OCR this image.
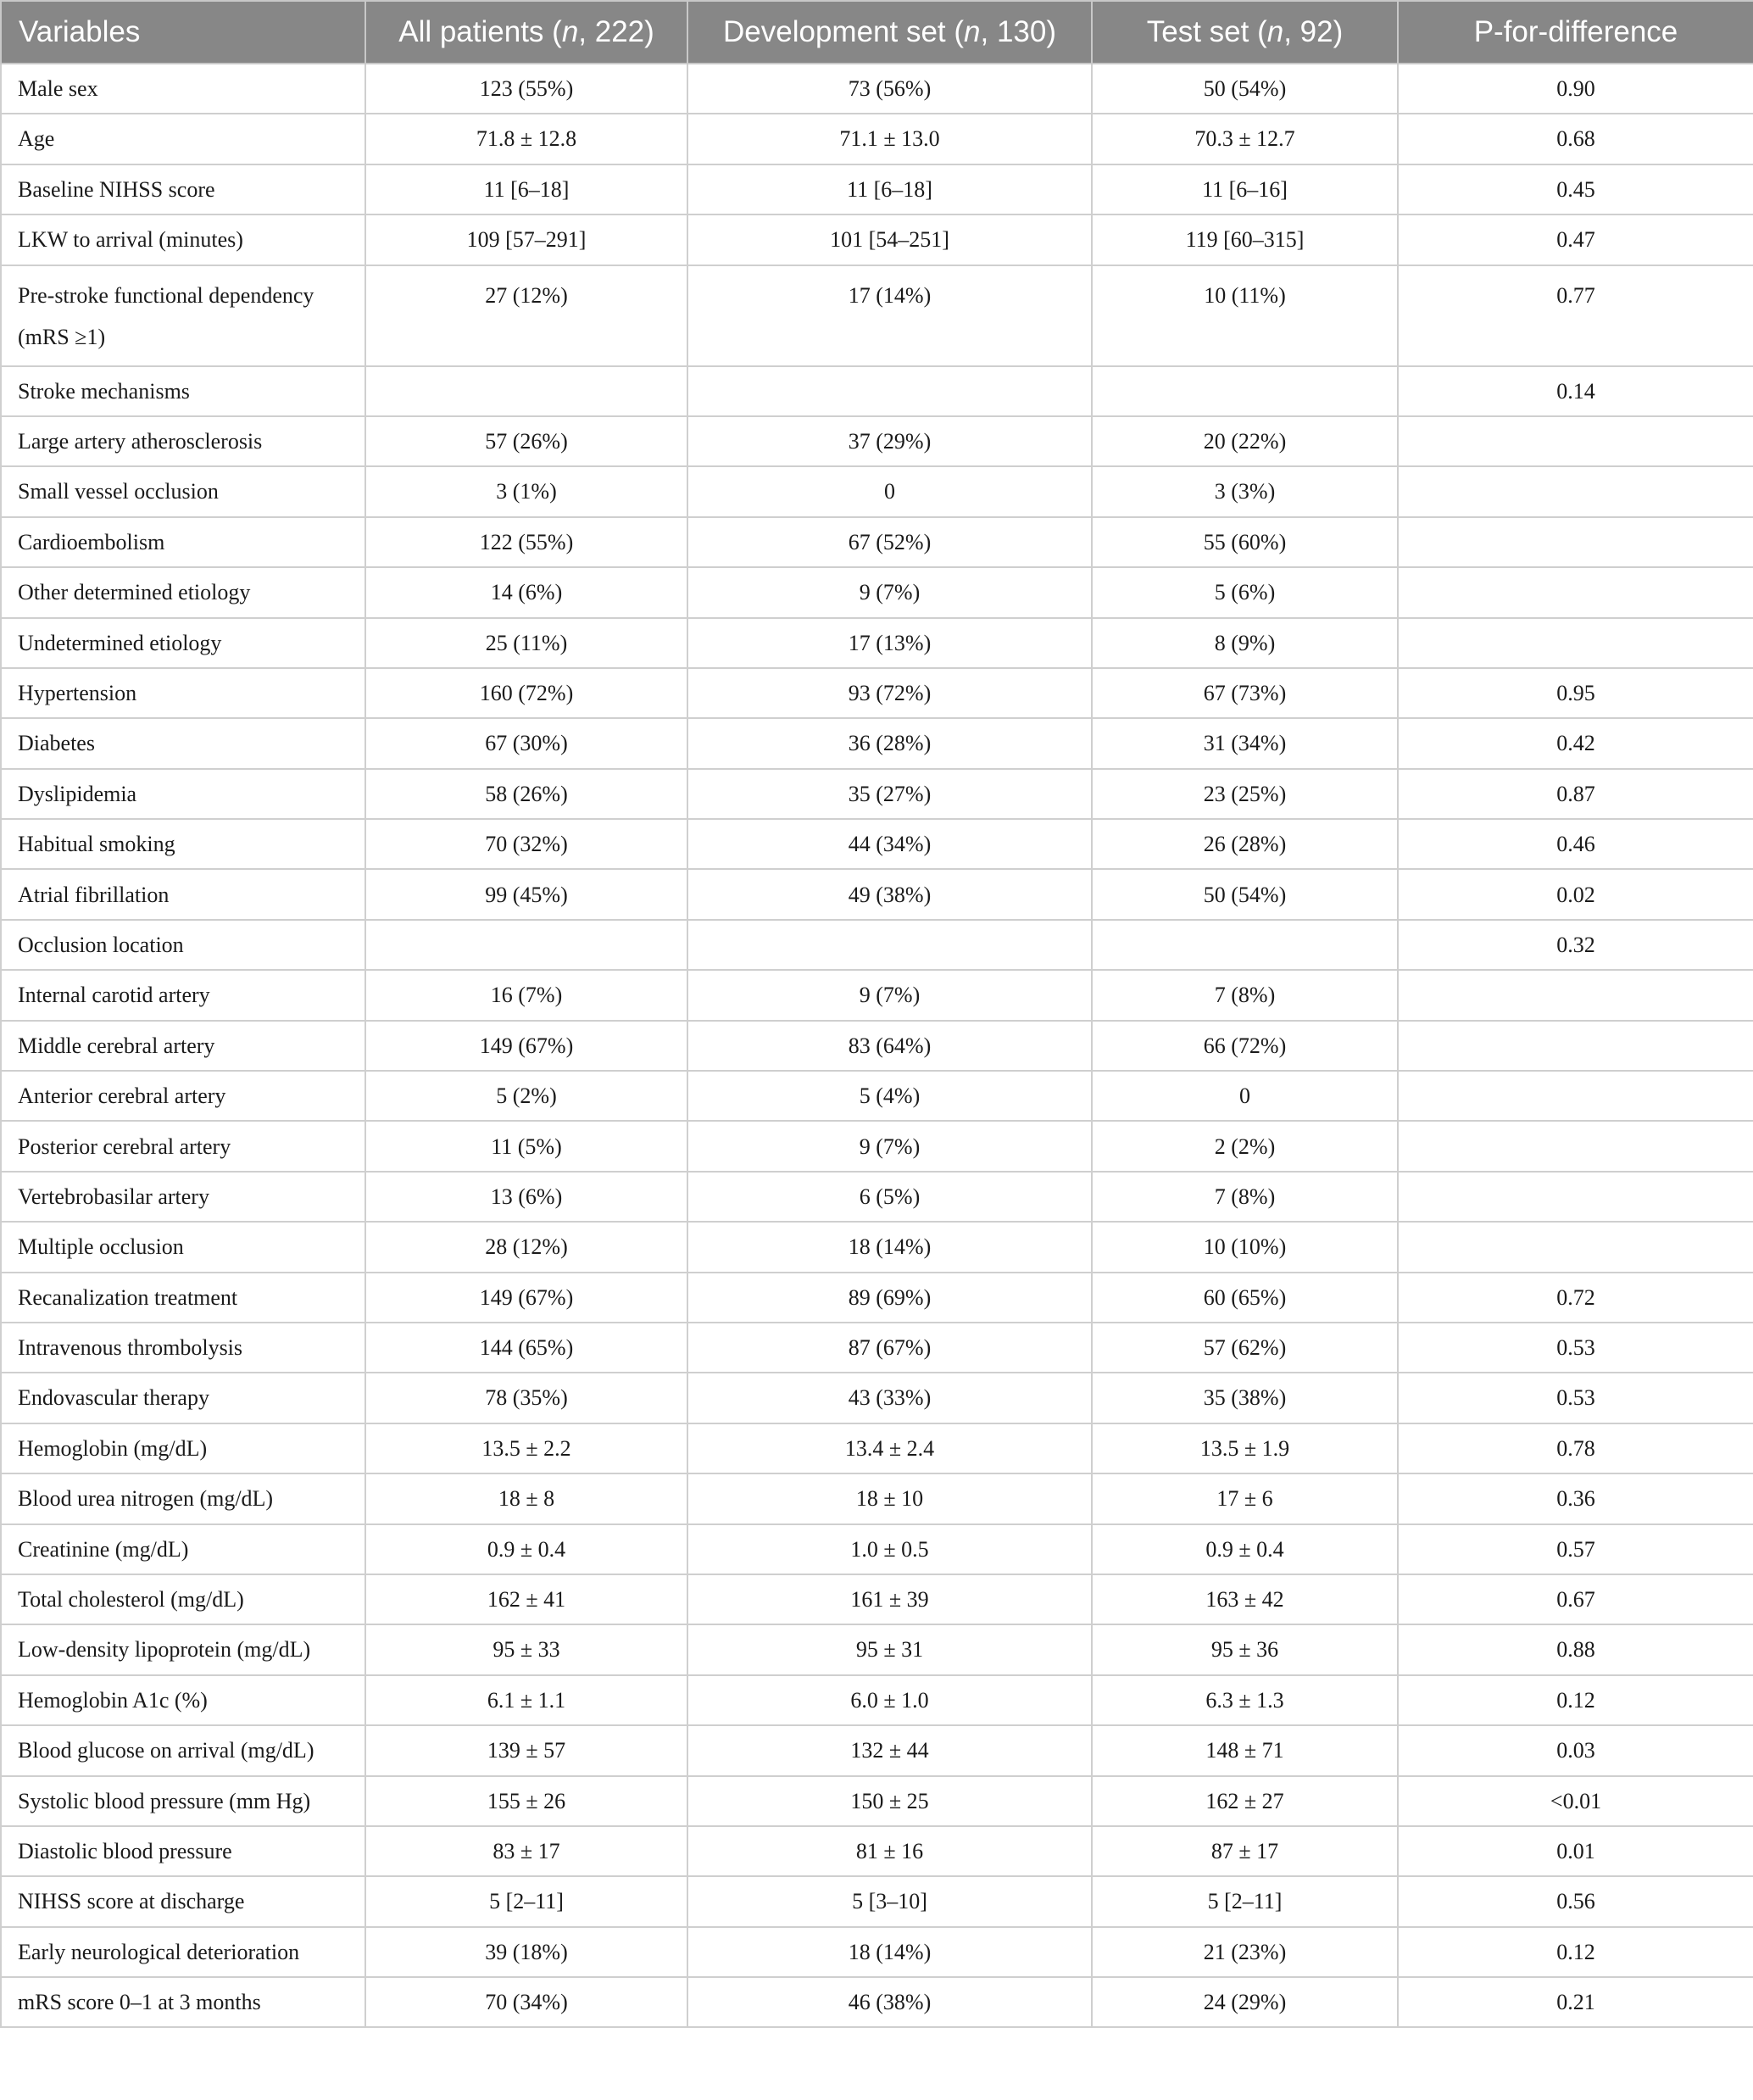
Variables	All patients (n, 222)	Development set (n, 130)	Test set (n, 92)	P-for-difference
Male sex	123 (55%)	73 (56%)	50 (54%)	0.90
Age	71.8 ± 12.8	71.1 ± 13.0	70.3 ± 12.7	0.68
Baseline NIHSS score	11 [6–18]	11 [6–18]	11 [6–16]	0.45
LKW to arrival (minutes)	109 [57–291]	101 [54–251]	119 [60–315]	0.47
Pre-stroke functional dependency (mRS ≥1)	27 (12%)	17 (14%)	10 (11%)	0.77
Stroke mechanisms				0.14
Large artery atherosclerosis	57 (26%)	37 (29%)	20 (22%)	
Small vessel occlusion	3 (1%)	0	3 (3%)	
Cardioembolism	122 (55%)	67 (52%)	55 (60%)	
Other determined etiology	14 (6%)	9 (7%)	5 (6%)	
Undetermined etiology	25 (11%)	17 (13%)	8 (9%)	
Hypertension	160 (72%)	93 (72%)	67 (73%)	0.95
Diabetes	67 (30%)	36 (28%)	31 (34%)	0.42
Dyslipidemia	58 (26%)	35 (27%)	23 (25%)	0.87
Habitual smoking	70 (32%)	44 (34%)	26 (28%)	0.46
Atrial fibrillation	99 (45%)	49 (38%)	50 (54%)	0.02
Occlusion location				0.32
Internal carotid artery	16 (7%)	9 (7%)	7 (8%)	
Middle cerebral artery	149 (67%)	83 (64%)	66 (72%)	
Anterior cerebral artery	5 (2%)	5 (4%)	0	
Posterior cerebral artery	11 (5%)	9 (7%)	2 (2%)	
Vertebrobasilar artery	13 (6%)	6 (5%)	7 (8%)	
Multiple occlusion	28 (12%)	18 (14%)	10 (10%)	
Recanalization treatment	149 (67%)	89 (69%)	60 (65%)	0.72
Intravenous thrombolysis	144 (65%)	87 (67%)	57 (62%)	0.53
Endovascular therapy	78 (35%)	43 (33%)	35 (38%)	0.53
Hemoglobin (mg/dL)	13.5 ± 2.2	13.4 ± 2.4	13.5 ± 1.9	0.78
Blood urea nitrogen (mg/dL)	18 ± 8	18 ± 10	17 ± 6	0.36
Creatinine (mg/dL)	0.9 ± 0.4	1.0 ± 0.5	0.9 ± 0.4	0.57
Total cholesterol (mg/dL)	162 ± 41	161 ± 39	163 ± 42	0.67
Low-density lipoprotein (mg/dL)	95 ± 33	95 ± 31	95 ± 36	0.88
Hemoglobin A1c (%)	6.1 ± 1.1	6.0 ± 1.0	6.3 ± 1.3	0.12
Blood glucose on arrival (mg/dL)	139 ± 57	132 ± 44	148 ± 71	0.03
Systolic blood pressure (mm Hg)	155 ± 26	150 ± 25	162 ± 27	<0.01
Diastolic blood pressure	83 ± 17	81 ± 16	87 ± 17	0.01
NIHSS score at discharge	5 [2–11]	5 [3–10]	5 [2–11]	0.56
Early neurological deterioration	39 (18%)	18 (14%)	21 (23%)	0.12
mRS score 0–1 at 3 months	70 (34%)	46 (38%)	24 (29%)	0.21
